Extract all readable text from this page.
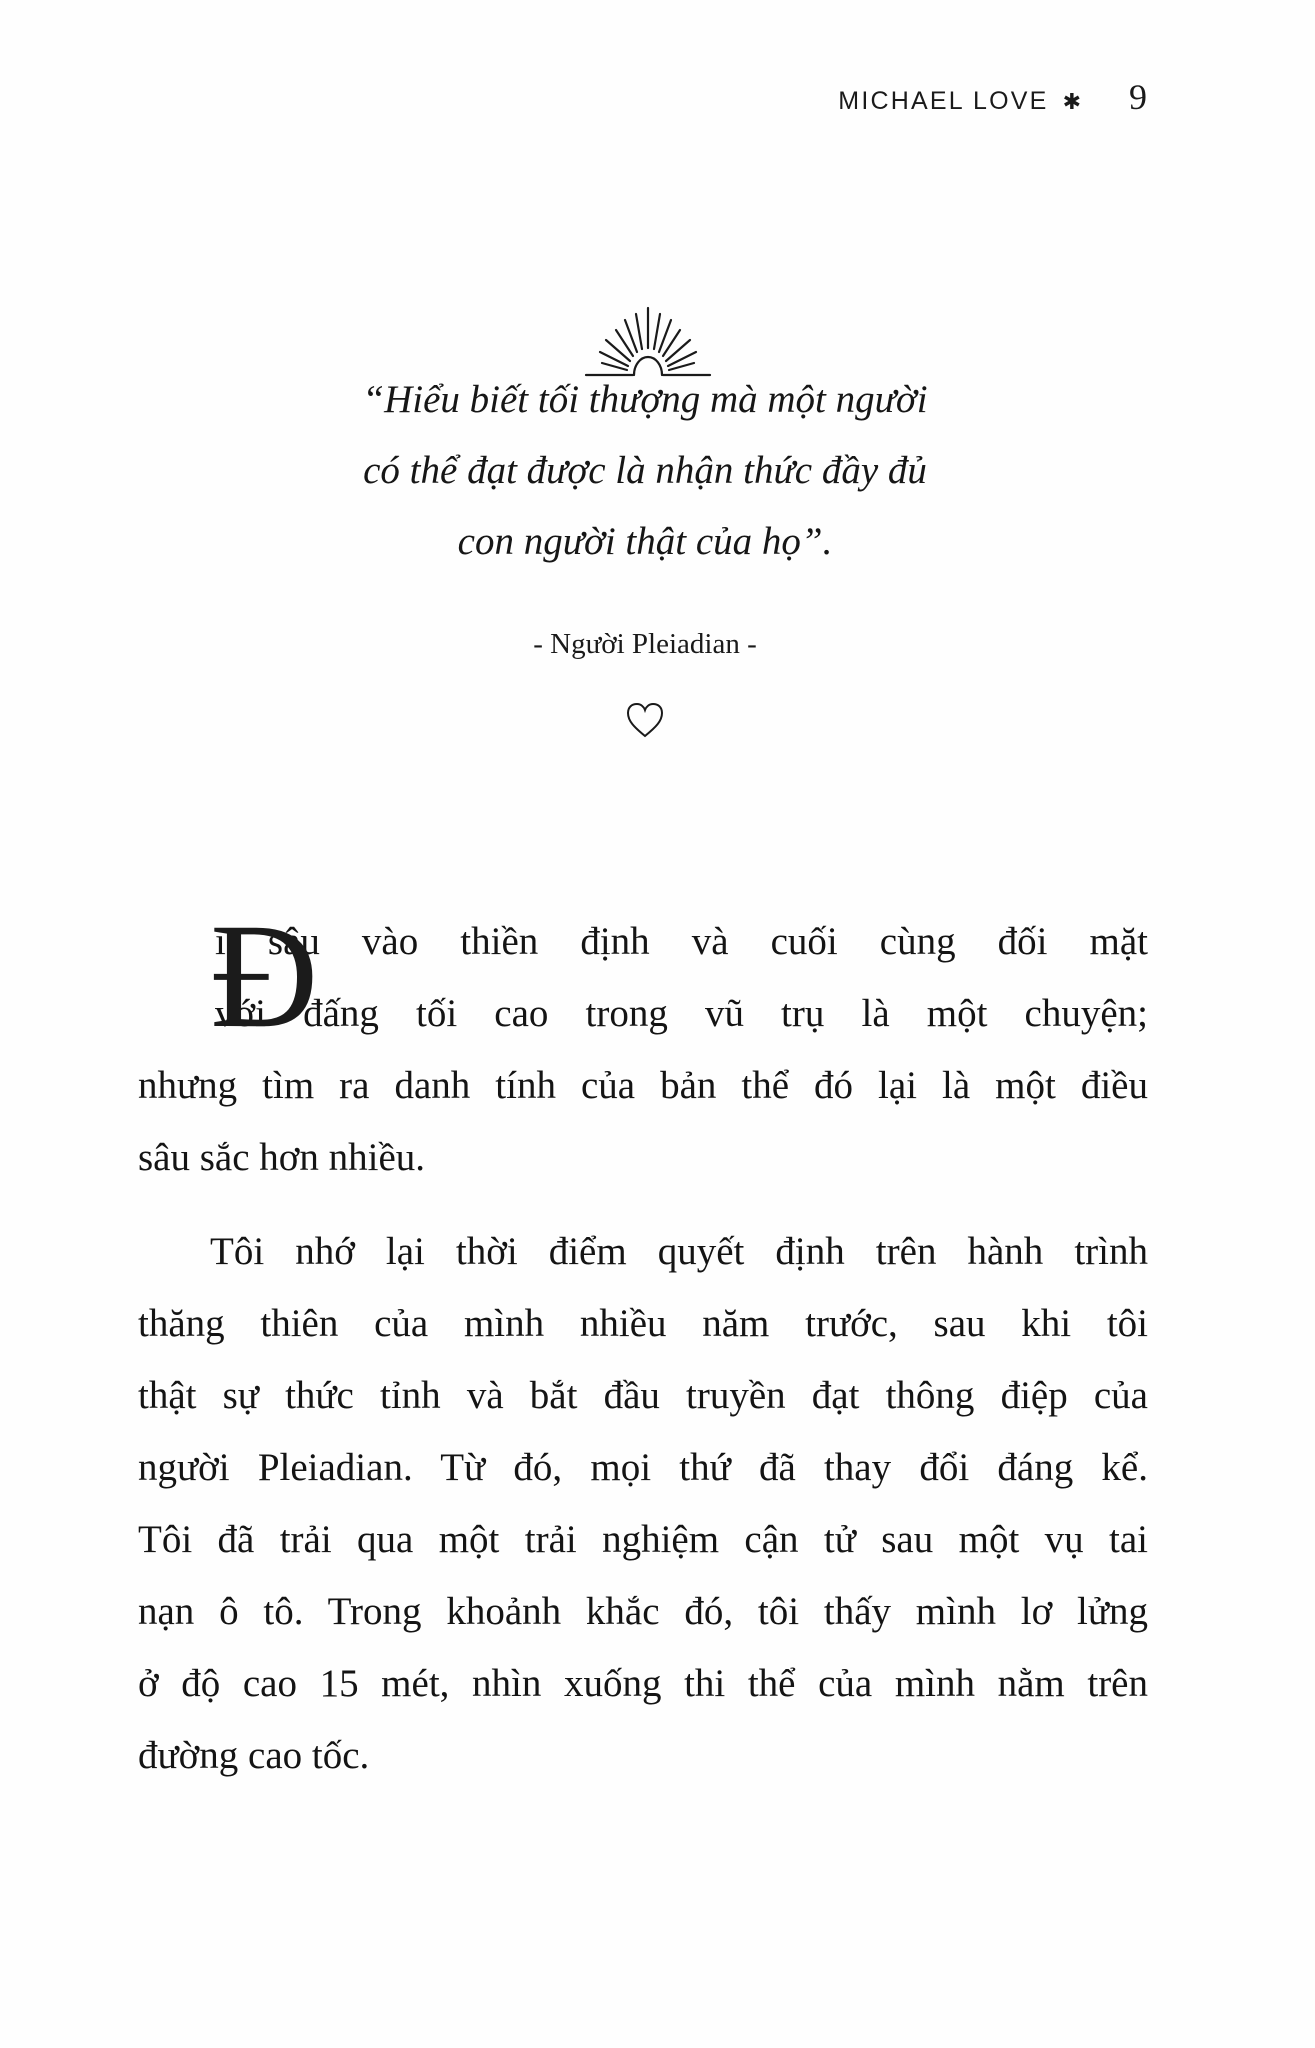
MICHAEL LOVE ✱ 9
“Hiểu biết tối thượng mà một người
có thể đạt được là nhận thức đầy đủ
con người thật của họ”.
- Người Pleiadian -
Đ
i sâu vào thiền định và cuối cùng đối mặt
với đấng tối cao trong vũ trụ là một chuyện;
nhưng tìm ra danh tính của bản thể đó lại là một điều
sâu sắc hơn nhiều.
Tôi nhớ lại thời điểm quyết định trên hành trình
thăng thiên của mình nhiều năm trước, sau khi tôi
thật sự thức tỉnh và bắt đầu truyền đạt thông điệp của
người Pleiadian. Từ đó, mọi thứ đã thay đổi đáng kể.
Tôi đã trải qua một trải nghiệm cận tử sau một vụ tai
nạn ô tô. Trong khoảnh khắc đó, tôi thấy mình lơ lửng
ở độ cao 15 mét, nhìn xuống thi thể của mình nằm trên
đường cao tốc.
